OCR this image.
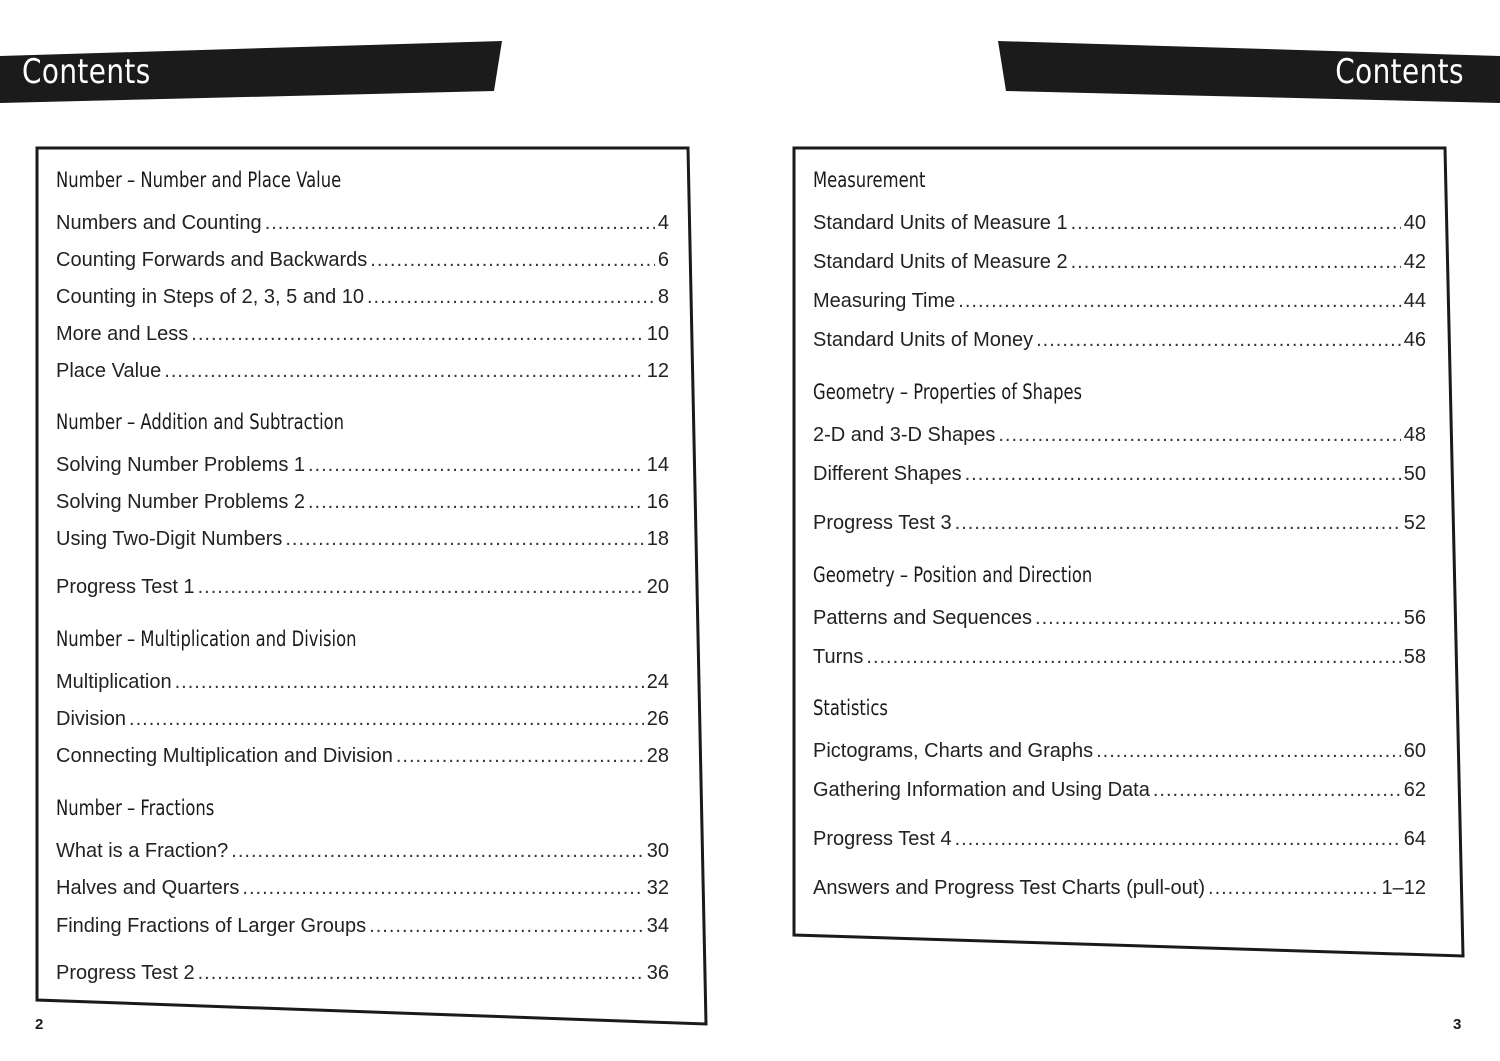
Contents	Contents
Number – Number and Place Value
Numbers and Counting .....	4
Counting Forwards and Backwards .....	6
Counting in Steps of 2, 3, 5 and 10 .....	8
More and Less .....	10
Place Value .....	12
Number – Addition and Subtraction
Solving Number Problems 1 .....	14
Solving Number Problems 2 .....	16
Using Two-Digit Numbers .....	18
Progress Test 1 .....	20
Number – Multiplication and Division
Multiplication .....	24
Division .....	26
Connecting Multiplication and Division .....	28
Number – Fractions
What is a Fraction? .....	30
Halves and Quarters .....	32
Finding Fractions of Larger Groups .....	34
Progress Test 2 .....	36
Measurement
Standard Units of Measure 1 .....	40
Standard Units of Measure 2 .....	42
Measuring Time .....	44
Standard Units of Money .....	46
Geometry – Properties of Shapes
2-D and 3-D Shapes .....	48
Different Shapes .....	50
Progress Test 3 .....	52
Geometry – Position and Direction
Patterns and Sequences .....	56
Turns .....	58
Statistics
Pictograms, Charts and Graphs .....	60
Gathering Information and Using Data .....	62
Progress Test 4 .....	64
Answers and Progress Test Charts (pull-out) .....	1–12
2	3
